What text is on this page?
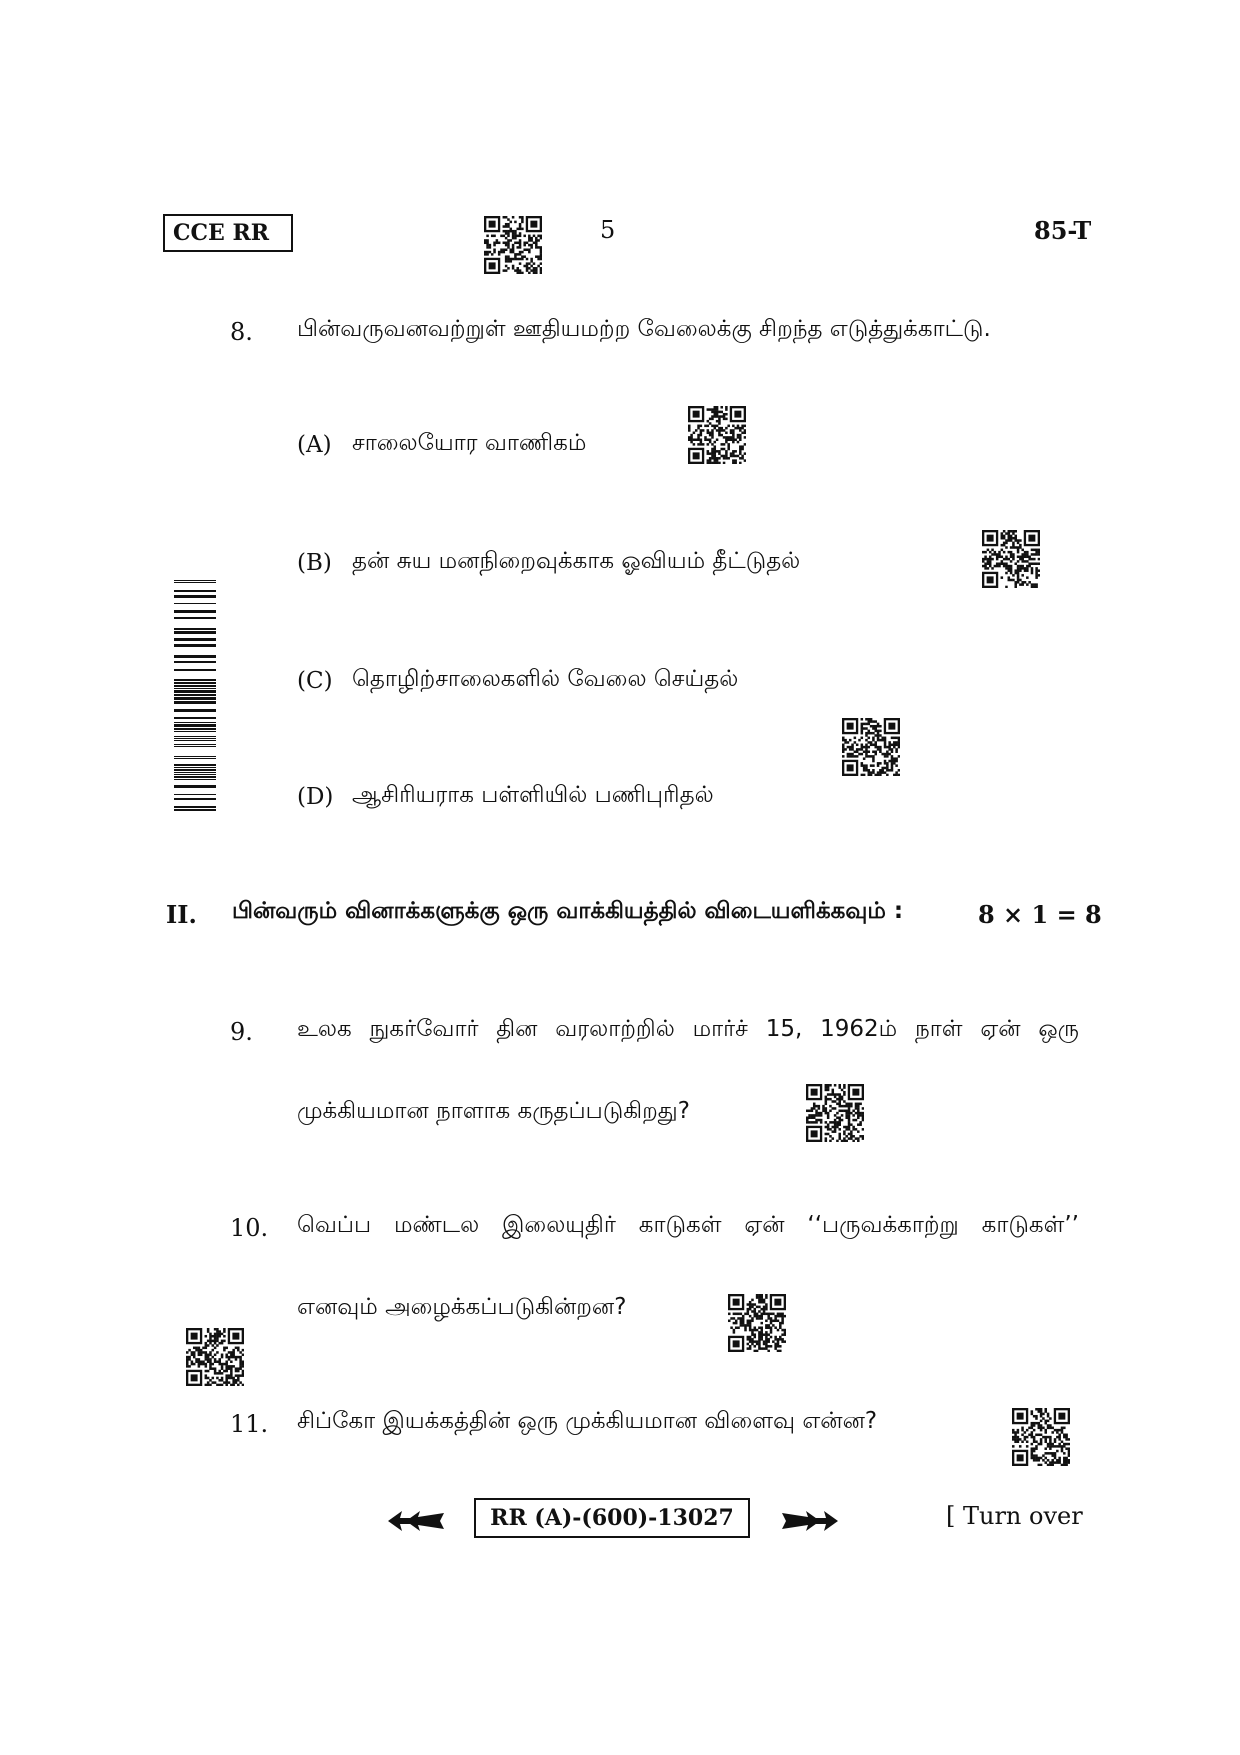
CCE RR	5	85-T
8. பின்வருவனவற்றுள் ஊதியமற்ற வேலைக்கு சிறந்த எடுத்துக்காட்டு.
(A) சாலையோர வாணிகம்
(B) தன் சுய மனநிறைவுக்காக ஓவியம் தீட்டுதல்
(C) தொழிற்சாலைகளில் வேலை செய்தல்
(D) ஆசிரியராக பள்ளியில் பணிபுரிதல்
II. பின்வரும் வினாக்களுக்கு ஒரு வாக்கியத்தில் விடையளிக்கவும் :	8 × 1 = 8
9. உலக நுகர்வோர் தின வரலாற்றில் மார்ச் 15, 1962ம் நாள் ஏன் ஒரு
முக்கியமான நாளாக கருதப்படுகிறது?
10. வெப்ப மண்டல இலையுதிர் காடுகள் ஏன் ‘‘பருவக்காற்று காடுகள்’’
எனவும் அழைக்கப்படுகின்றன?
11. சிப்கோ இயக்கத்தின் ஒரு முக்கியமான விளைவு என்ன?
RR (A)-(600)-13027	[ Turn over
